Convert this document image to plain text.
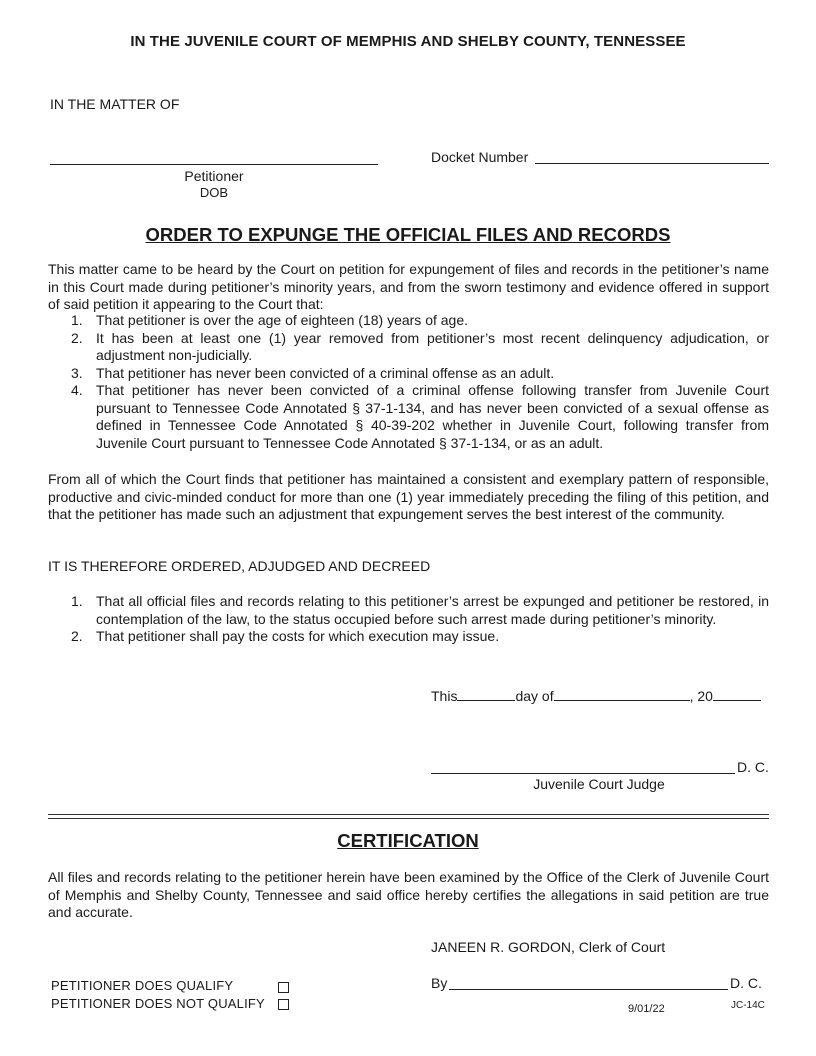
IN THE JUVENILE COURT OF MEMPHIS AND SHELBY COUNTY, TENNESSEE
IN THE MATTER OF
Petitioner
DOB
Docket Number
ORDER TO EXPUNGE THE OFFICIAL FILES AND RECORDS
This matter came to be heard by the Court on petition for expungement of files and records in the petitioner’s name in this Court made during petitioner’s minority years, and from the sworn testimony and evidence offered in support of said petition it appearing to the Court that:
1. That petitioner is over the age of eighteen (18) years of age.
2. It has been at least one (1) year removed from petitioner’s most recent delinquency adjudication, or adjustment non-judicially.
3. That petitioner has never been convicted of a criminal offense as an adult.
4. That petitioner has never been convicted of a criminal offense following transfer from Juvenile Court pursuant to Tennessee Code Annotated § 37-1-134, and has never been convicted of a sexual offense as defined in Tennessee Code Annotated § 40-39-202 whether in Juvenile Court, following transfer from Juvenile Court pursuant to Tennessee Code Annotated § 37-1-134, or as an adult.
From all of which the Court finds that petitioner has maintained a consistent and exemplary pattern of responsible, productive and civic-minded conduct for more than one (1) year immediately preceding the filing of this petition, and that the petitioner has made such an adjustment that expungement serves the best interest of the community.
IT IS THEREFORE ORDERED, ADJUDGED AND DECREED
1. That all official files and records relating to this petitioner’s arrest be expunged and petitioner be restored, in contemplation of the law, to the status occupied before such arrest made during petitioner’s minority.
2. That petitioner shall pay the costs for which execution may issue.
This	day of	, 20
D. C.
Juvenile Court Judge
CERTIFICATION
All files and records relating to the petitioner herein have been examined by the Office of the Clerk of Juvenile Court of Memphis and Shelby County, Tennessee and said office hereby certifies the allegations in said petition are true and accurate.
JANEEN R. GORDON, Clerk of Court
By	D. C.
PETITIONER DOES QUALIFY
PETITIONER DOES NOT QUALIFY	9/01/22	JC-14C
